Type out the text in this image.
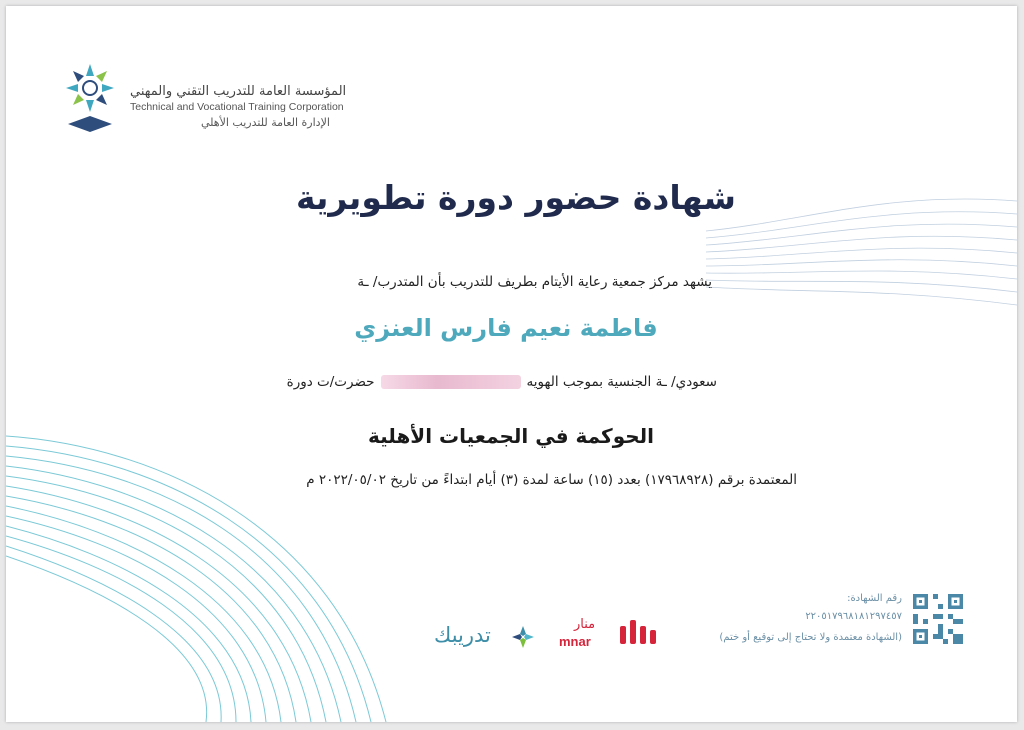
المؤسسة العامة للتدريب التقني والمهني
Technical and Vocational Training Corporation
الإدارة العامة للتدريب الأهلي
شهادة حضور دورة تطويرية
يشهد مركز جمعية رعاية الأيتام بطريف للتدريب بأن المتدرب/ ـة
فاطمة نعيم فارس العنزي
سعودي/ ـة الجنسية بموجب الهويهحضرت/ت دورة
الحوكمة في الجمعيات الأهلية
المعتمدة برقم (١٧٩٦٨٩٢٨) بعدد (١٥) ساعة لمدة (٣) أيام ابتداءً من تاريخ ٢٠٢٢/٠٥/٠٢ م
رقم الشهادة:
٢٢٠٥١٧٩٦٨١٨١٢٩٧٤٥٧
(الشهادة معتمدة ولا تحتاج إلى توقيع أو ختم)
منار
mnar
تدريبك
